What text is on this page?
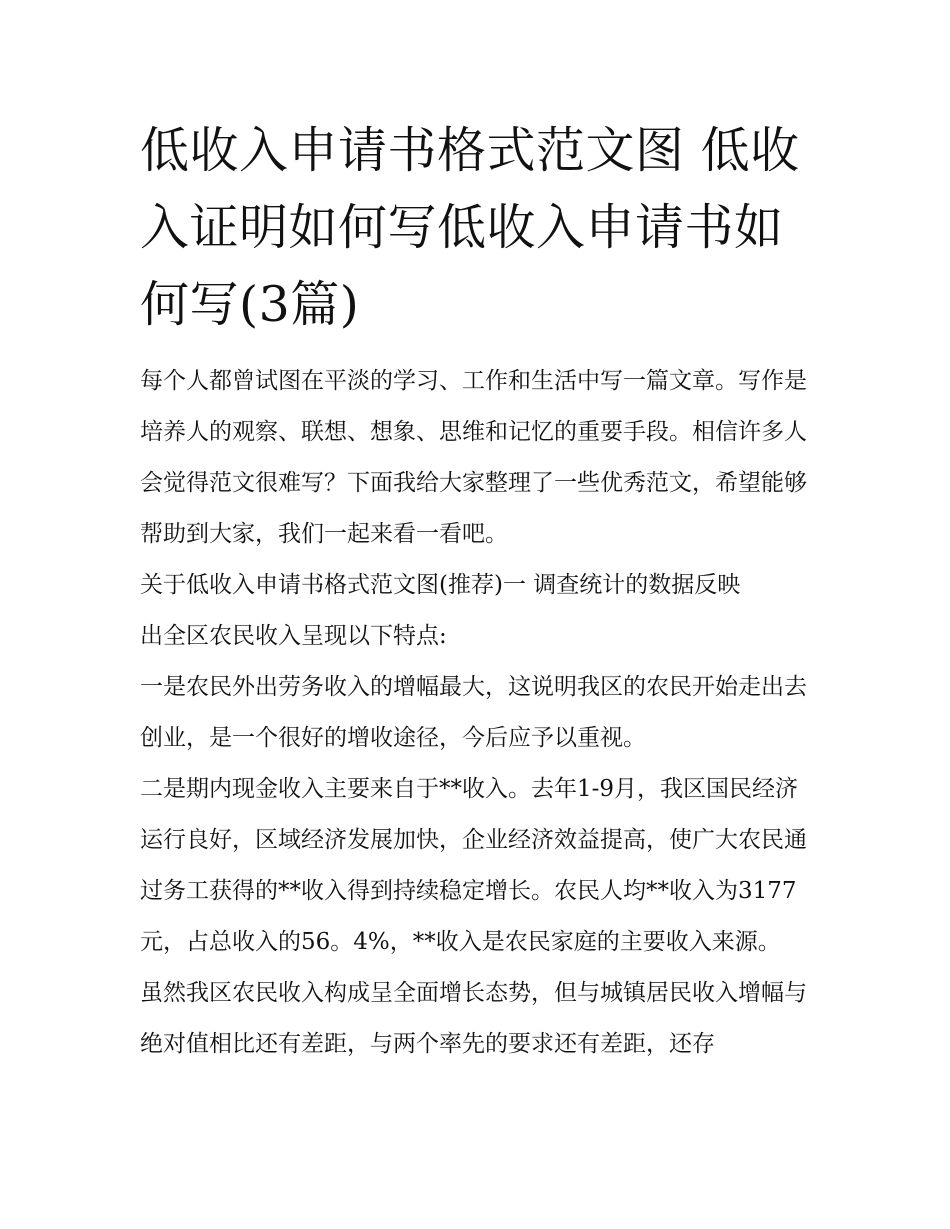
低收入申请书格式范文图 低收入证明如何写低收入申请书如何写(3篇)

每个人都曾试图在平淡的学习、工作和生活中写一篇文章。写作是培养人的观察、联想、想象、思维和记忆的重要手段。相信许多人会觉得范文很难写？下面我给大家整理了一些优秀范文，希望能够帮助到大家，我们一起来看一看吧。

关于低收入申请书格式范文图(推荐)一 调查统计的数据反映

出全区农民收入呈现以下特点:

一是农民外出劳务收入的增幅最大，这说明我区的农民开始走出去创业，是一个很好的增收途径，今后应予以重视。

二是期内现金收入主要来自于**收入。去年1-9月，我区国民经济运行良好，区域经济发展加快，企业经济效益提高，使广大农民通过务工获得的**收入得到持续稳定增长。农民人均**收入为3177元，占总收入的56。4%，**收入是农民家庭的主要收入来源。

虽然我区农民收入构成呈全面增长态势，但与城镇居民收入增幅与绝对值相比还有差距，与两个率先的要求还有差距，还存
